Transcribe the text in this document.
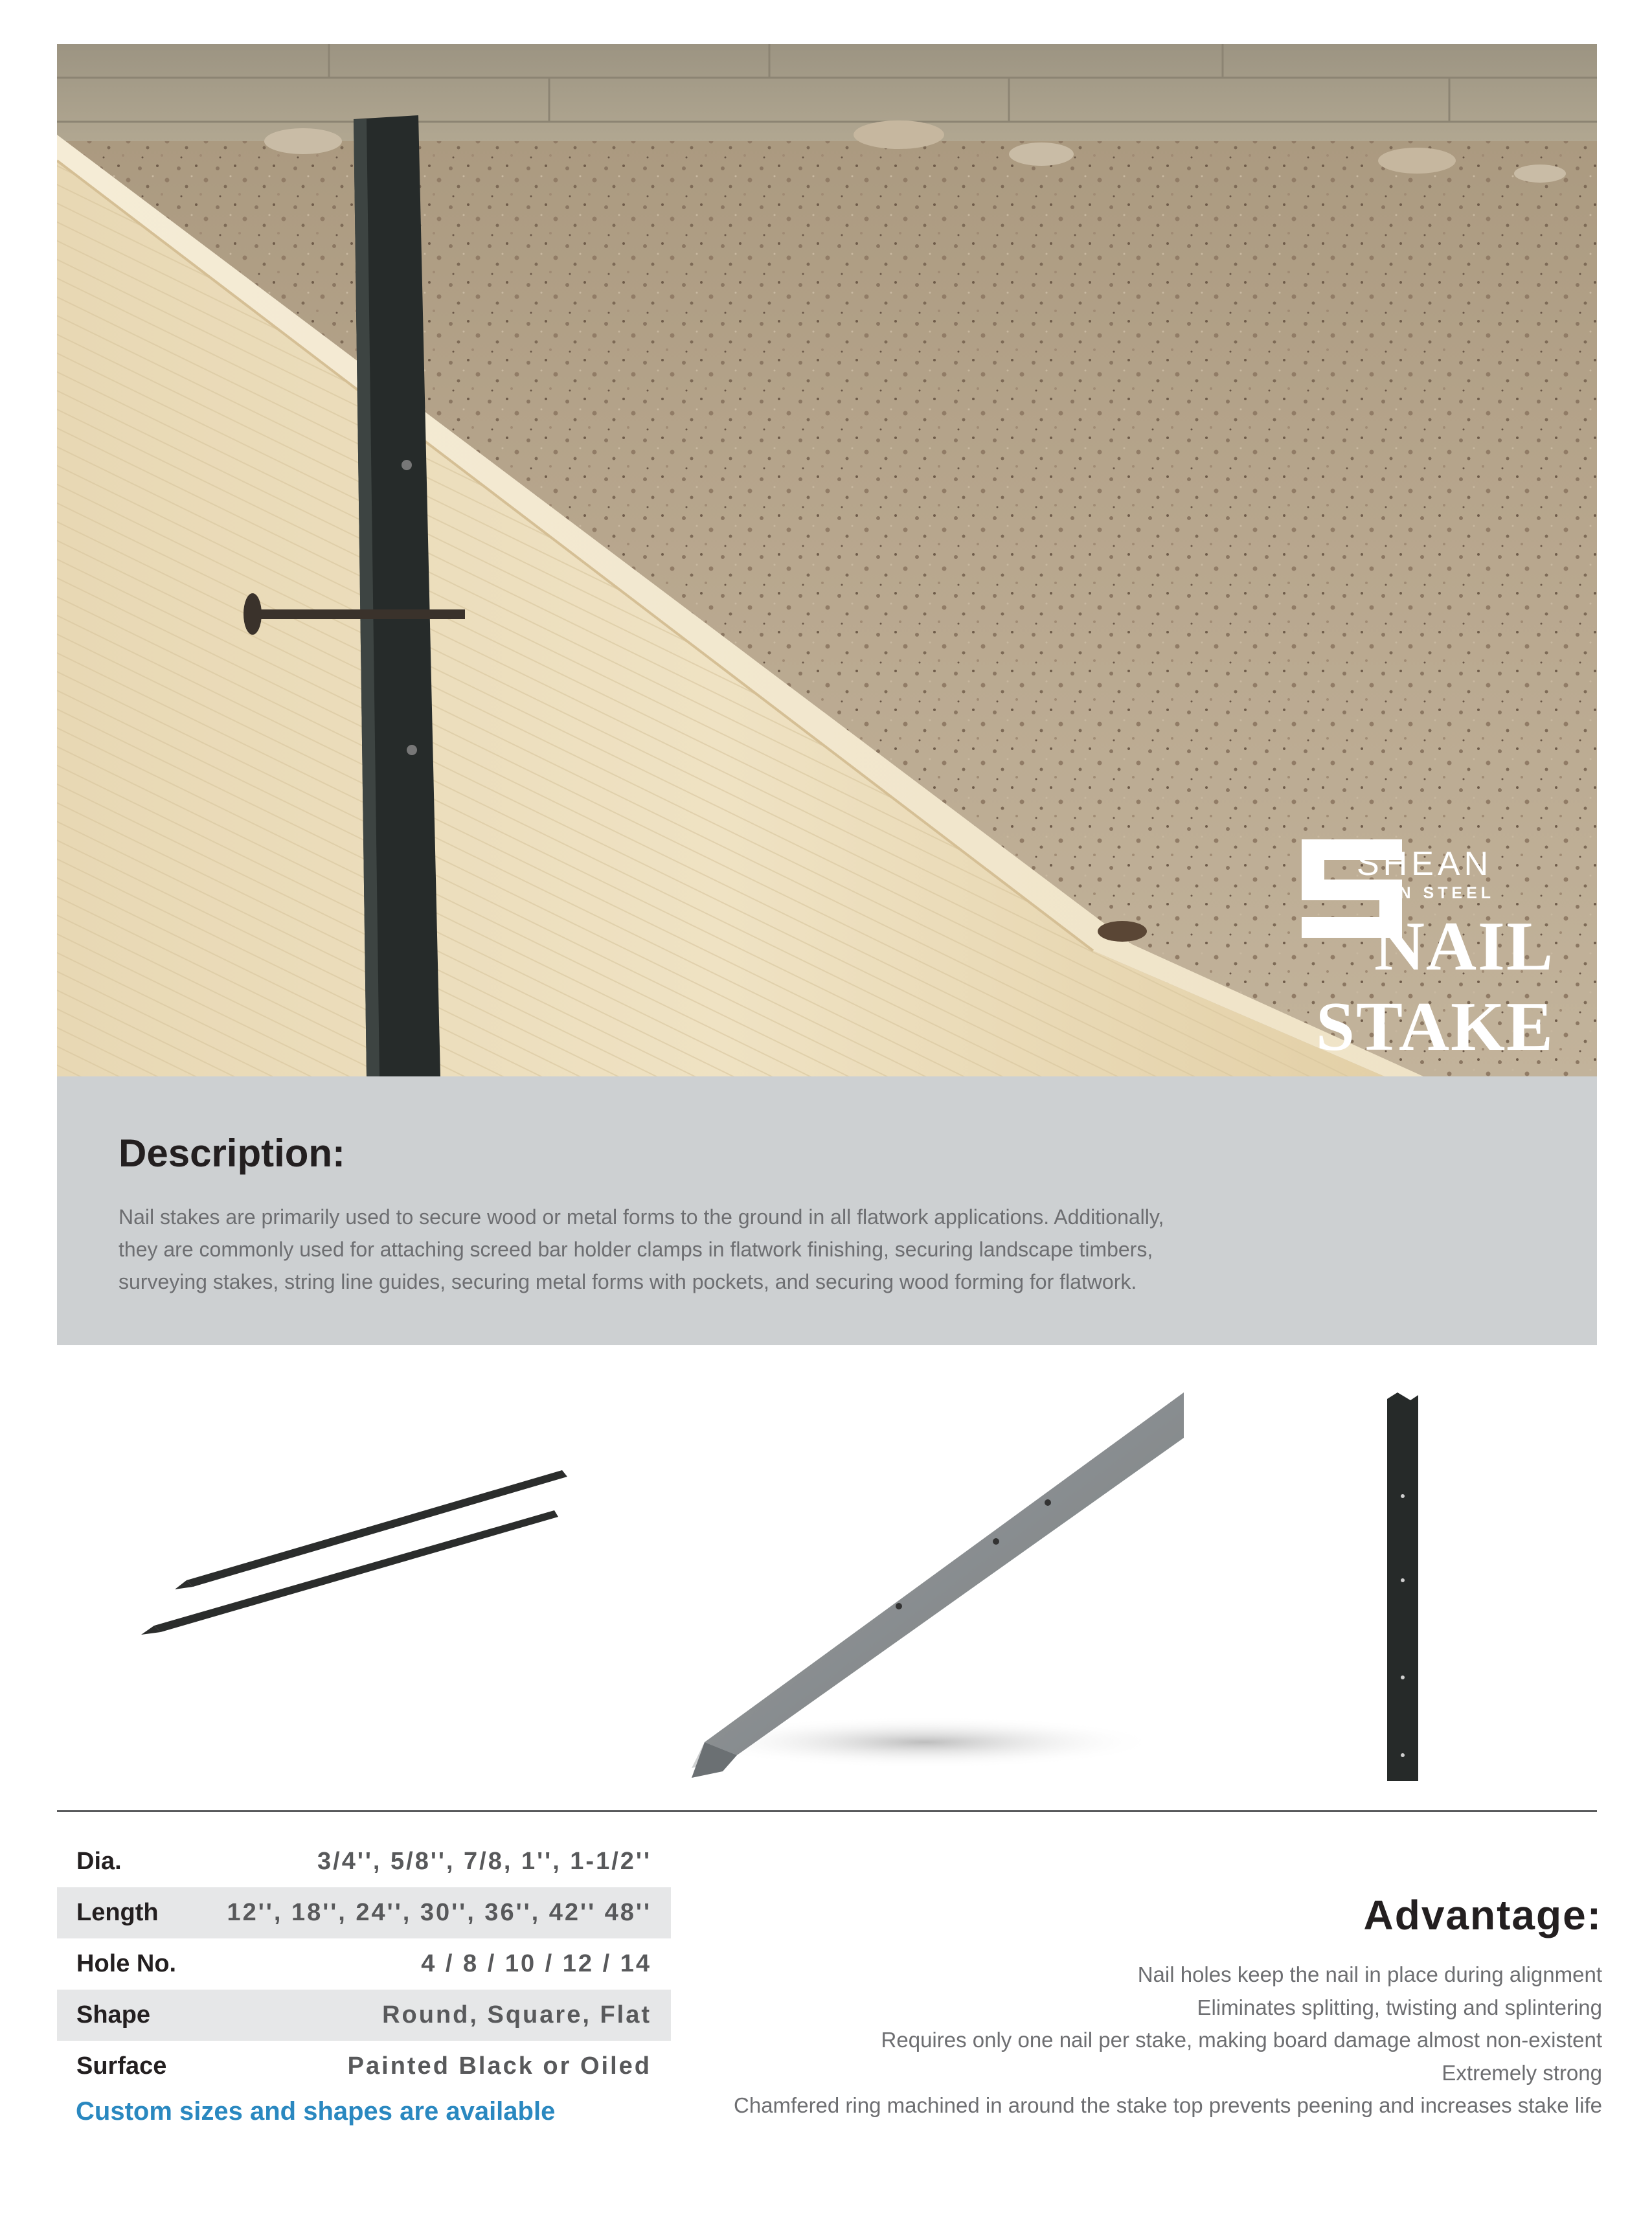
SHEAN
IRON STEEL
NAIL STAKE
Description:
Nail stakes are primarily used to secure wood or metal forms to the ground in all flatwork applications. Additionally,
they are commonly used for attaching screed bar holder clamps in flatwork finishing, securing landscape timbers,
surveying stakes, string line guides, securing metal forms with pockets, and securing wood forming for flatwork.
Dia.	3/4'', 5/8'', 7/8, 1'', 1-1/2''
Length	12'', 18'', 24'', 30'', 36'', 42'' 48''
Hole No.	4 / 8 / 10 / 12 / 14
Shape	Round, Square, Flat
Surface	Painted Black or Oiled
Custom sizes and shapes are available
Advantage:
Nail holes keep the nail in place during alignment
Eliminates splitting, twisting and splintering
Requires only one nail per stake, making board damage almost non-existent
Extremely strong
Chamfered ring machined in around the stake top prevents peening and increases stake life
